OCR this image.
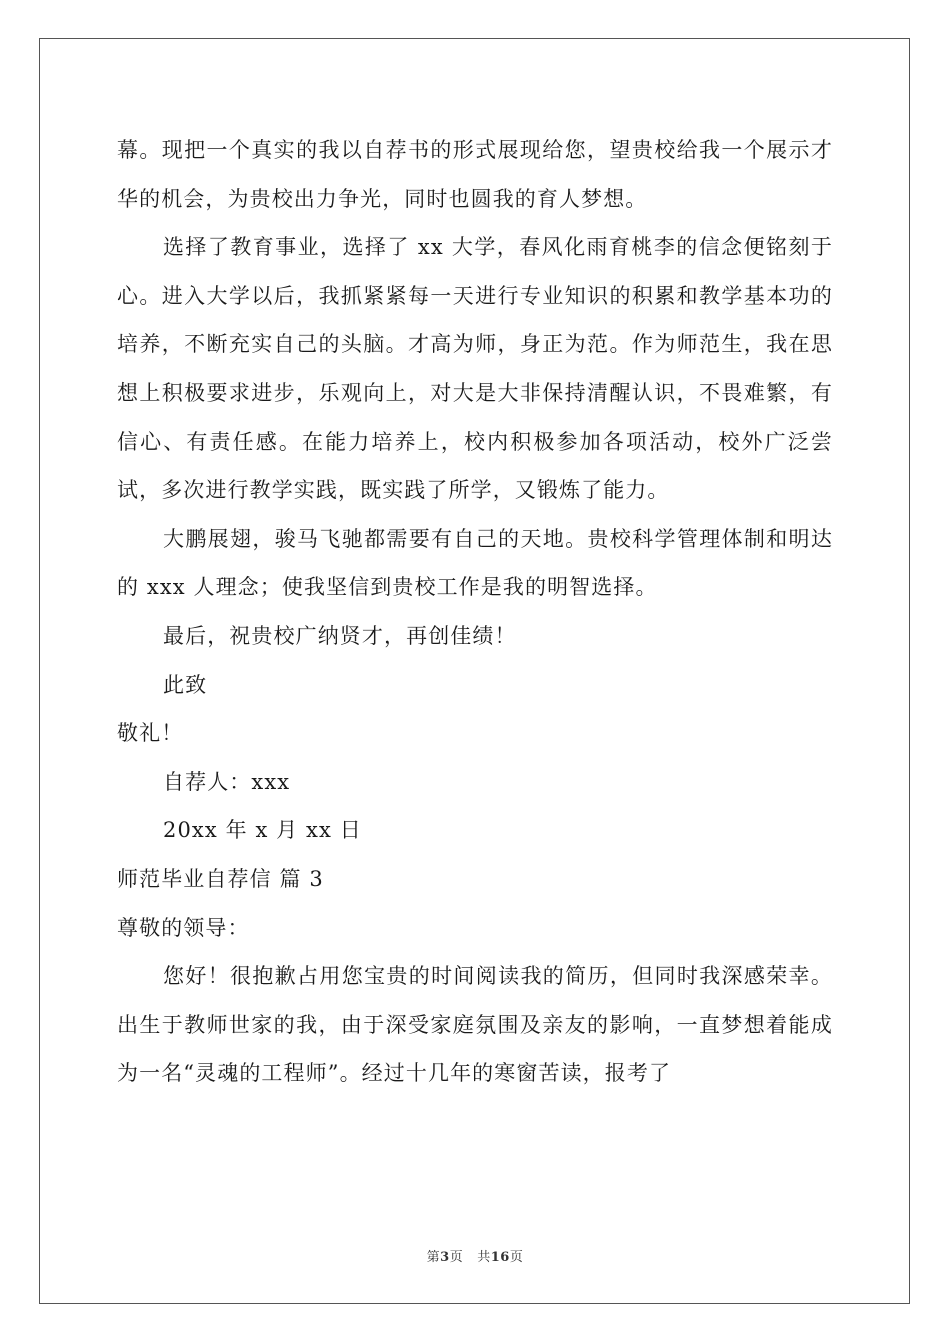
幕。现把一个真实的我以自荐书的形式展现给您，望贵校给我一个展示才华的机会，为贵校出力争光，同时也圆我的育人梦想。

选择了教育事业，选择了 xx 大学，春风化雨育桃李的信念便铭刻于心。进入大学以后，我抓紧紧每一天进行专业知识的积累和教学基本功的培养，不断充实自己的头脑。才高为师，身正为范。作为师范生，我在思想上积极要求进步，乐观向上，对大是大非保持清醒认识，不畏难繁，有信心、有责任感。在能力培养上，校内积极参加各项活动，校外广泛尝试，多次进行教学实践，既实践了所学，又锻炼了能力。

大鹏展翅，骏马飞驰都需要有自己的天地。贵校科学管理体制和明达的 xxx 人理念；使我坚信到贵校工作是我的明智选择。

最后，祝贵校广纳贤才，再创佳绩！

此致

敬礼！

自荐人：xxx

20xx 年 x 月 xx 日

师范毕业自荐信 篇 3

尊敬的领导：

您好！很抱歉占用您宝贵的时间阅读我的简历，但同时我深感荣幸。出生于教师世家的我，由于深受家庭氛围及亲友的影响，一直梦想着能成为一名“灵魂的工程师”。经过十几年的寒窗苦读，报考了

第3页 共16页
